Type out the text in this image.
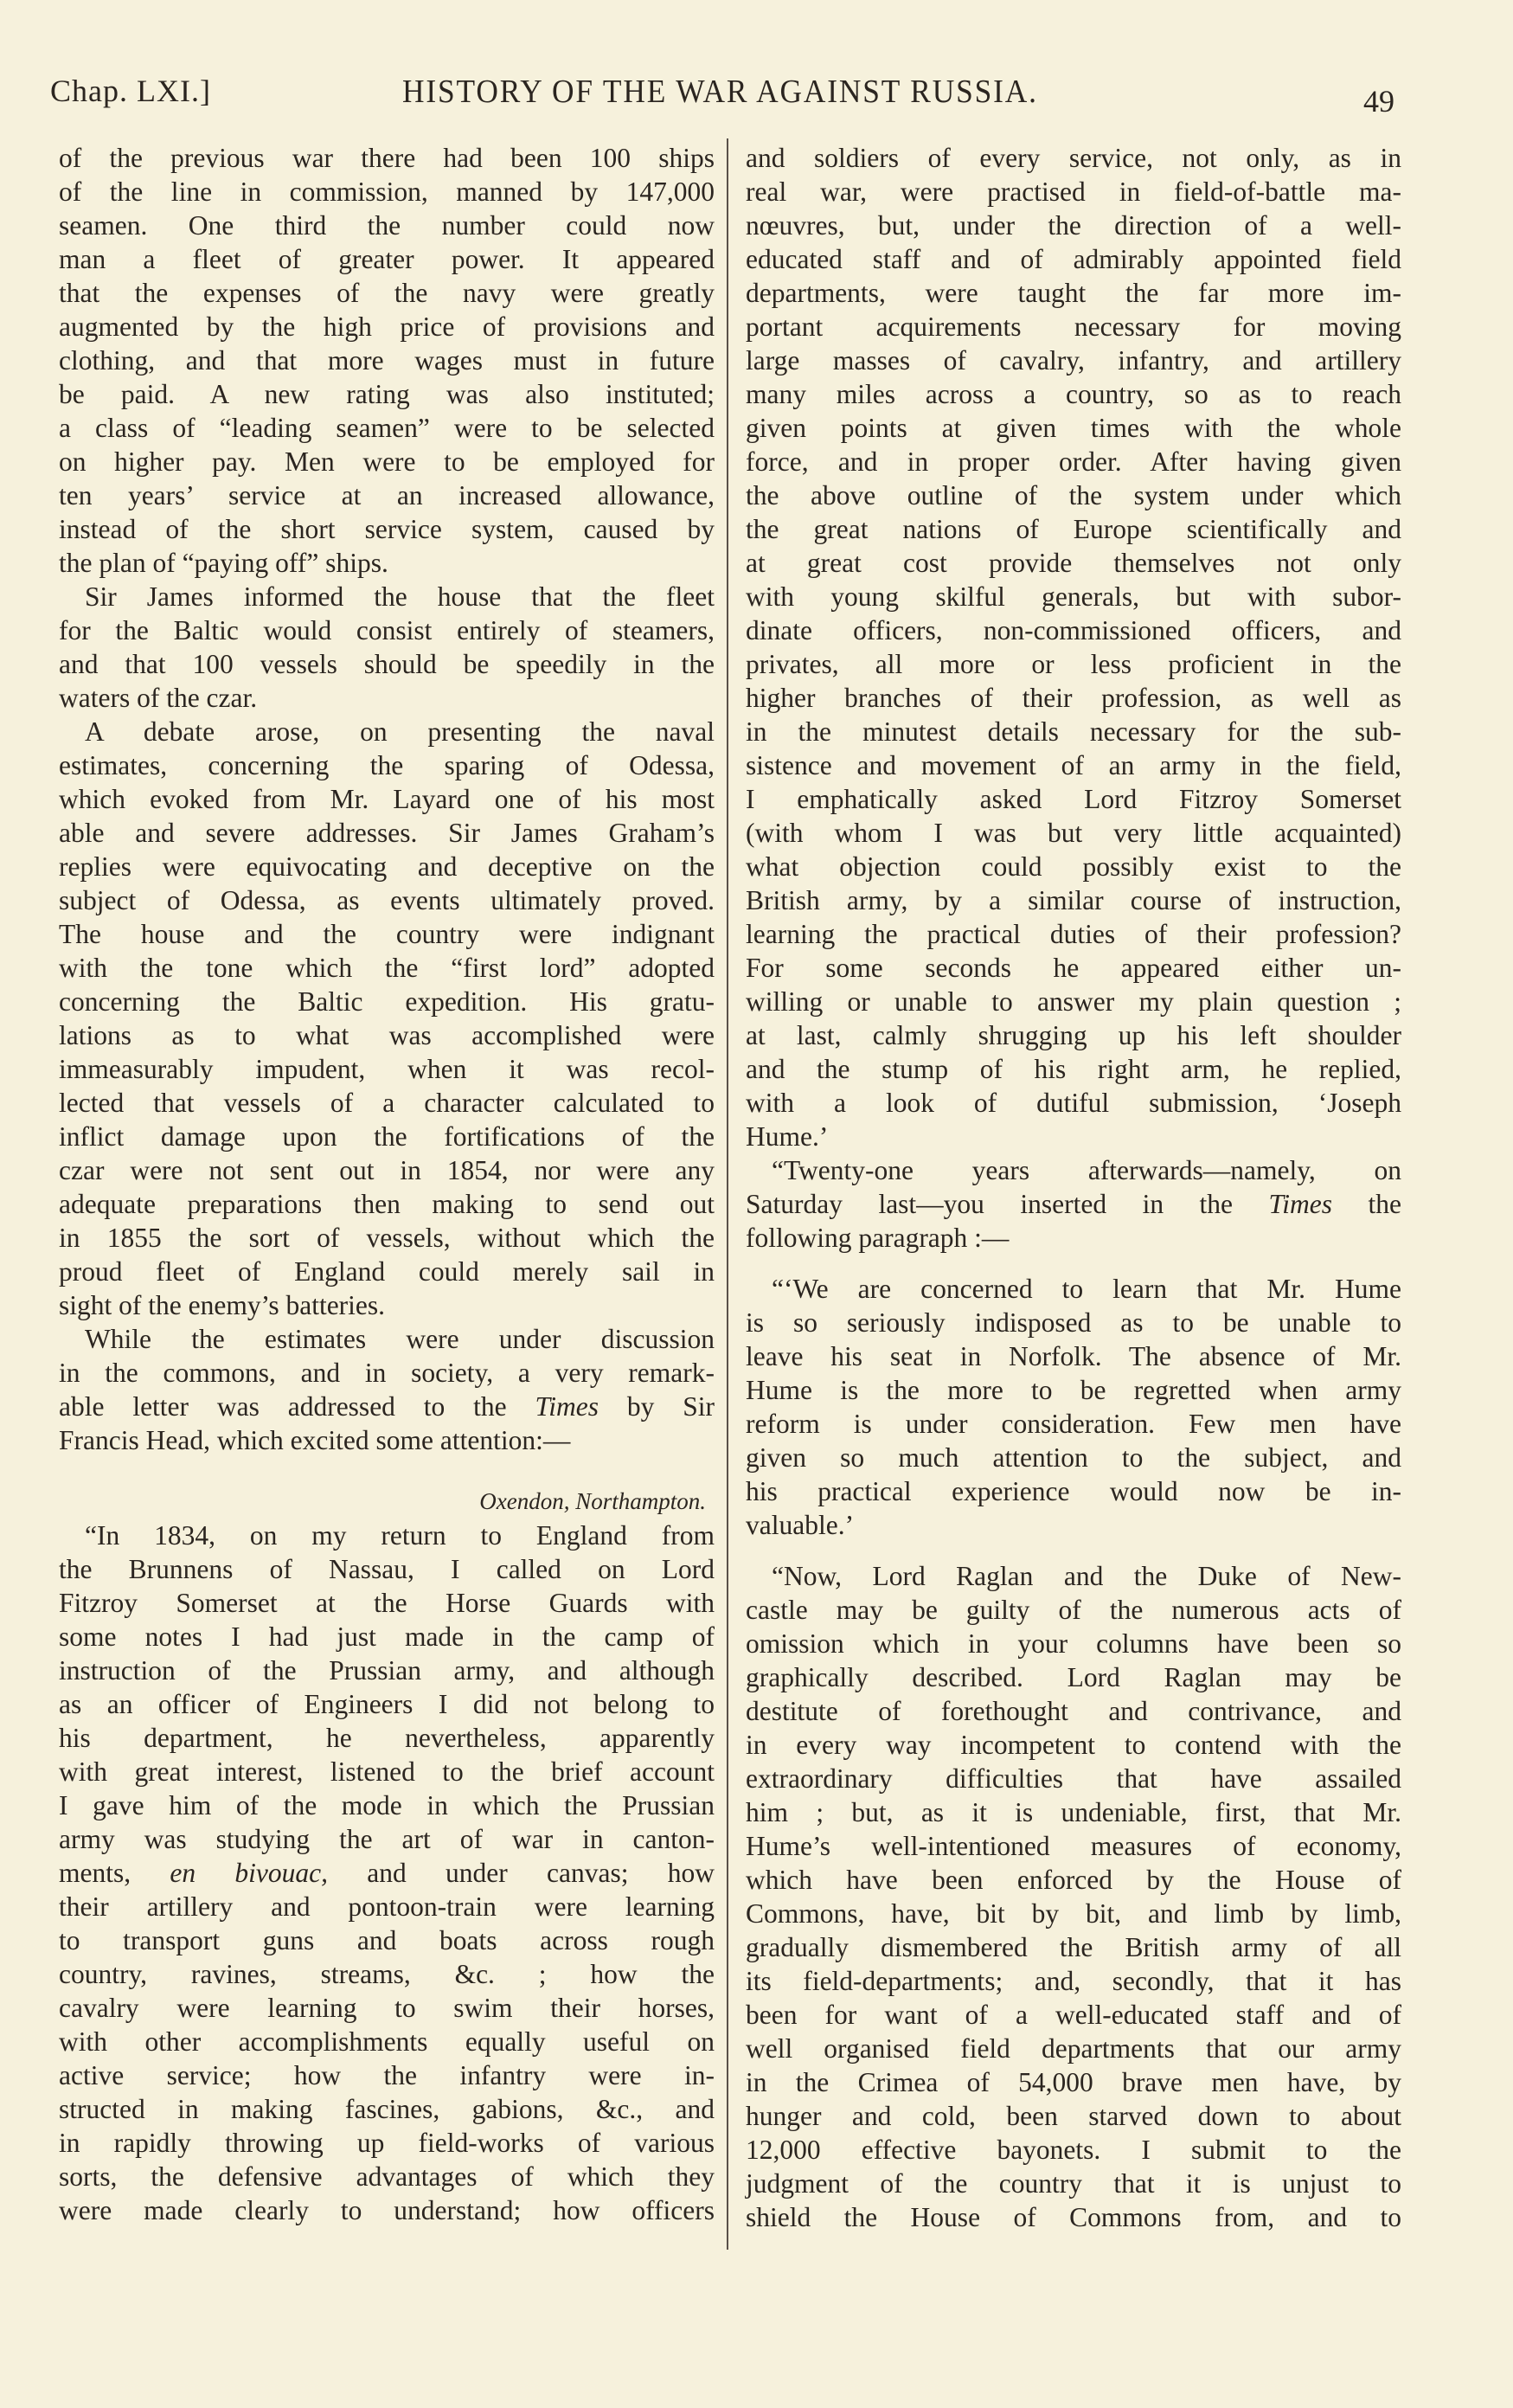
Chap. LXI.]	HISTORY OF THE WAR AGAINST RUSSIA.	49
of the previous war there had been 100 ships
of the line in commission, manned by 147,000
seamen. One third the number could now
man a fleet of greater power. It appeared
that the expenses of the navy were greatly
augmented by the high price of provisions and
clothing, and that more wages must in future
be paid. A new rating was also instituted;
a class of “leading seamen” were to be selected
on higher pay. Men were to be employed for
ten years’ service at an increased allowance,
instead of the short service system, caused by
the plan of “paying off” ships.
Sir James informed the house that the fleet
for the Baltic would consist entirely of steamers,
and that 100 vessels should be speedily in the
waters of the czar.
A debate arose, on presenting the naval
estimates, concerning the sparing of Odessa,
which evoked from Mr. Layard one of his most
able and severe addresses. Sir James Graham’s
replies were equivocating and deceptive on the
subject of Odessa, as events ultimately proved.
The house and the country were indignant
with the tone which the “first lord” adopted
concerning the Baltic expedition. His gratu-
lations as to what was accomplished were
immeasurably impudent, when it was recol-
lected that vessels of a character calculated to
inflict damage upon the fortifications of the
czar were not sent out in 1854, nor were any
adequate preparations then making to send out
in 1855 the sort of vessels, without which the
proud fleet of England could merely sail in
sight of the enemy’s batteries.
While the estimates were under discussion
in the commons, and in society, a very remark-
able letter was addressed to the Times by Sir
Francis Head, which excited some attention:—
Oxendon, Northampton.
“In 1834, on my return to England from
the Brunnens of Nassau, I called on Lord
Fitzroy Somerset at the Horse Guards with
some notes I had just made in the camp of
instruction of the Prussian army, and although
as an officer of Engineers I did not belong to
his department, he nevertheless, apparently
with great interest, listened to the brief account
I gave him of the mode in which the Prussian
army was studying the art of war in canton-
ments, en bivouac, and under canvas; how
their artillery and pontoon-train were learning
to transport guns and boats across rough
country, ravines, streams, &c. ; how the
cavalry were learning to swim their horses,
with other accomplishments equally useful on
active service; how the infantry were in-
structed in making fascines, gabions, &c., and
in rapidly throwing up field-works of various
sorts, the defensive advantages of which they
were made clearly to understand; how officers
and soldiers of every service, not only, as in
real war, were practised in field-of-battle ma-
nœuvres, but, under the direction of a well-
educated staff and of admirably appointed field
departments, were taught the far more im-
portant acquirements necessary for moving
large masses of cavalry, infantry, and artillery
many miles across a country, so as to reach
given points at given times with the whole
force, and in proper order. After having given
the above outline of the system under which
the great nations of Europe scientifically and
at great cost provide themselves not only
with young skilful generals, but with subor-
dinate officers, non-commissioned officers, and
privates, all more or less proficient in the
higher branches of their profession, as well as
in the minutest details necessary for the sub-
sistence and movement of an army in the field,
I emphatically asked Lord Fitzroy Somerset
(with whom I was but very little acquainted)
what objection could possibly exist to the
British army, by a similar course of instruction,
learning the practical duties of their profession?
For some seconds he appeared either un-
willing or unable to answer my plain question ;
at last, calmly shrugging up his left shoulder
and the stump of his right arm, he replied,
with a look of dutiful submission, ‘Joseph
Hume.’
“Twenty-one years afterwards—namely, on
Saturday last—you inserted in the Times the
following paragraph :—
“‘We are concerned to learn that Mr. Hume
is so seriously indisposed as to be unable to
leave his seat in Norfolk. The absence of Mr.
Hume is the more to be regretted when army
reform is under consideration. Few men have
given so much attention to the subject, and
his practical experience would now be in-
valuable.’
“Now, Lord Raglan and the Duke of New-
castle may be guilty of the numerous acts of
omission which in your columns have been so
graphically described. Lord Raglan may be
destitute of forethought and contrivance, and
in every way incompetent to contend with the
extraordinary difficulties that have assailed
him ; but, as it is undeniable, first, that Mr.
Hume’s well-intentioned measures of economy,
which have been enforced by the House of
Commons, have, bit by bit, and limb by limb,
gradually dismembered the British army of all
its field-departments; and, secondly, that it has
been for want of a well-educated staff and of
well organised field departments that our army
in the Crimea of 54,000 brave men have, by
hunger and cold, been starved down to about
12,000 effective bayonets. I submit to the
judgment of the country that it is unjust to
shield the House of Commons from, and to
